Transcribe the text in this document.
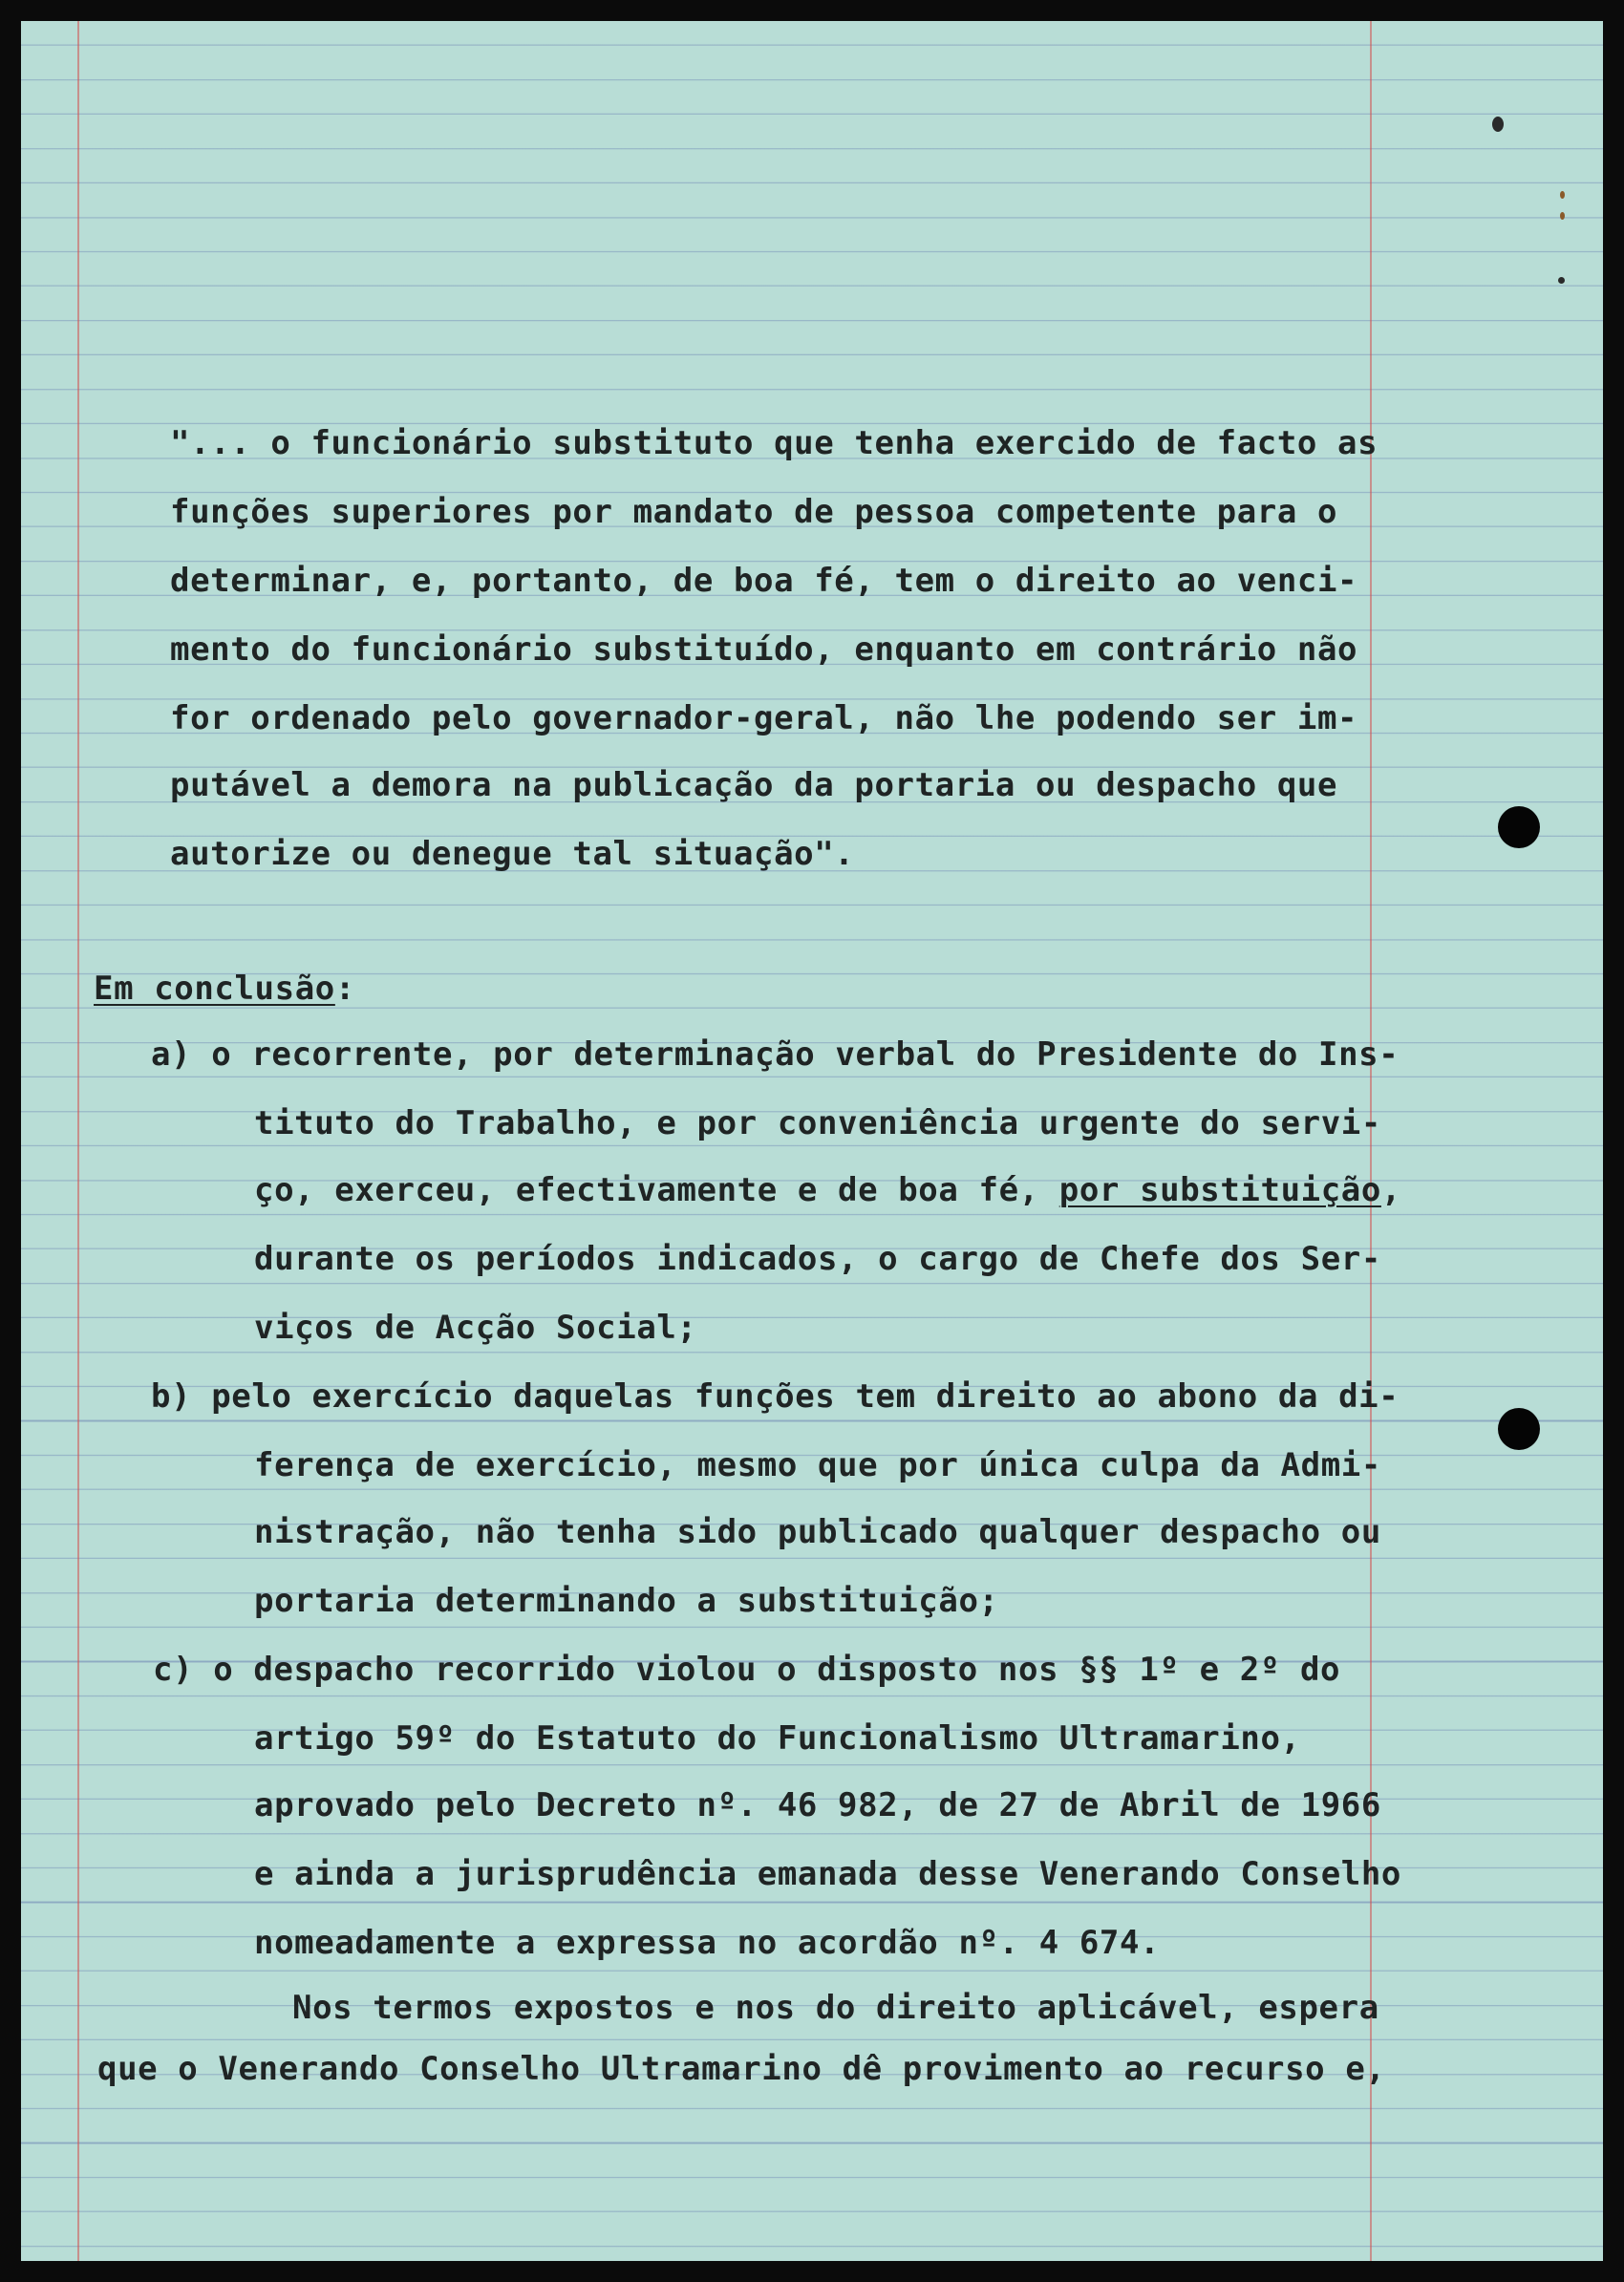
"... o funcionário substituto que tenha exercido de facto as
funções superiores por mandato de pessoa competente para o
determinar, e, portanto, de boa fé, tem o direito ao venci-
mento do funcionário substituído, enquanto em contrário não
for ordenado pelo governador-geral, não lhe podendo ser im-
putável a demora na publicação da portaria ou despacho que
autorize ou denegue tal situação".
Em conclusão:
a) o recorrente, por determinação verbal do Presidente do Ins-
tituto do Trabalho, e por conveniência urgente do servi-
ço, exerceu, efectivamente e de boa fé, por substituição,
durante os períodos indicados, o cargo de Chefe dos Ser-
viços de Acção Social;
b) pelo exercício daquelas funções tem direito ao abono da di-
ferença de exercício, mesmo que por única culpa da Admi-
nistração, não tenha sido publicado qualquer despacho ou
portaria determinando a substituição;
c) o despacho recorrido violou o disposto nos §§ 1º e 2º do
artigo 59º do Estatuto do Funcionalismo Ultramarino,
aprovado pelo Decreto nº. 46 982, de 27 de Abril de 1966
e ainda a jurisprudência emanada desse Venerando Conselho
nomeadamente a expressa no acordão nº. 4 674.
Nos termos expostos e nos do direito aplicável, espera
que o Venerando Conselho Ultramarino dê provimento ao recurso e,
